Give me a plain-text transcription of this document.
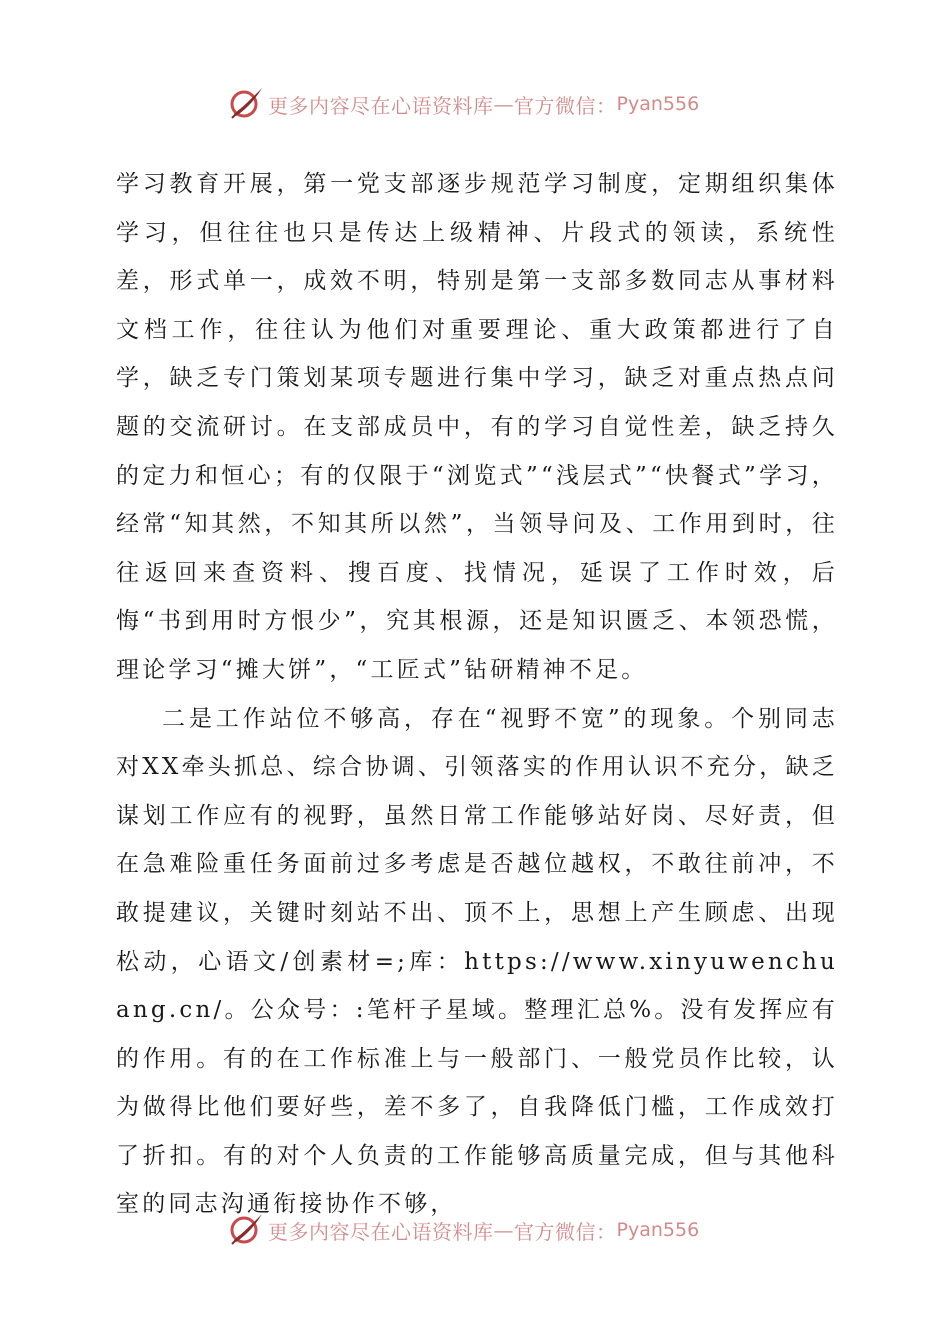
更多内容尽在心语资料库 — 官方微信： Pyan556

学习教育开展，第一党支部逐步规范学习制度，定期组织集体学习，但往往也只是传达上级精神、片段式的领读，系统性差，形式单一，成效不明，特别是第一支部多数同志从事材料文档工作，往往认为他们对重要理论、重大政策都进行了自学，缺乏专门策划某项专题进行集中学习，缺乏对重点热点问题的交流研讨。在支部成员中，有的学习自觉性差，缺乏持久的定力和恒心；有的仅限于“浏览式”“浅层式”“快餐式”学习，经常“知其然，不知其所以然”，当领导问及、工作用到时，往往返回来查资料、搜百度、找情况，延误了工作时效，后悔“书到用时方恨少”，究其根源，还是知识匮乏、本领恐慌，理论学习“摊大饼”，“工匠式”钻研精神不足。

二是工作站位不够高，存在“视野不宽”的现象。个别同志对XX牵头抓总、综合协调、引领落实的作用认识不充分，缺乏谋划工作应有的视野，虽然日常工作能够站好岗、尽好责，但在急难险重任务面前过多考虑是否越位越权，不敢往前冲，不敢提建议，关键时刻站不出、顶不上，思想上产生顾虑、出现松动，心语文/创素材=;库：https://www.xinyuwenchuang.cn/。公众号：:笔杆子星域。整理汇总%。没有发挥应有的作用。有的在工作标准上与一般部门、一般党员作比较，认为做得比他们要好些，差不多了，自我降低门槛，工作成效打了折扣。有的对个人负责的工作能够高质量完成，但与其他科室的同志沟通衔接协作不够，

更多内容尽在心语资料库 — 官方微信： Pyan556
